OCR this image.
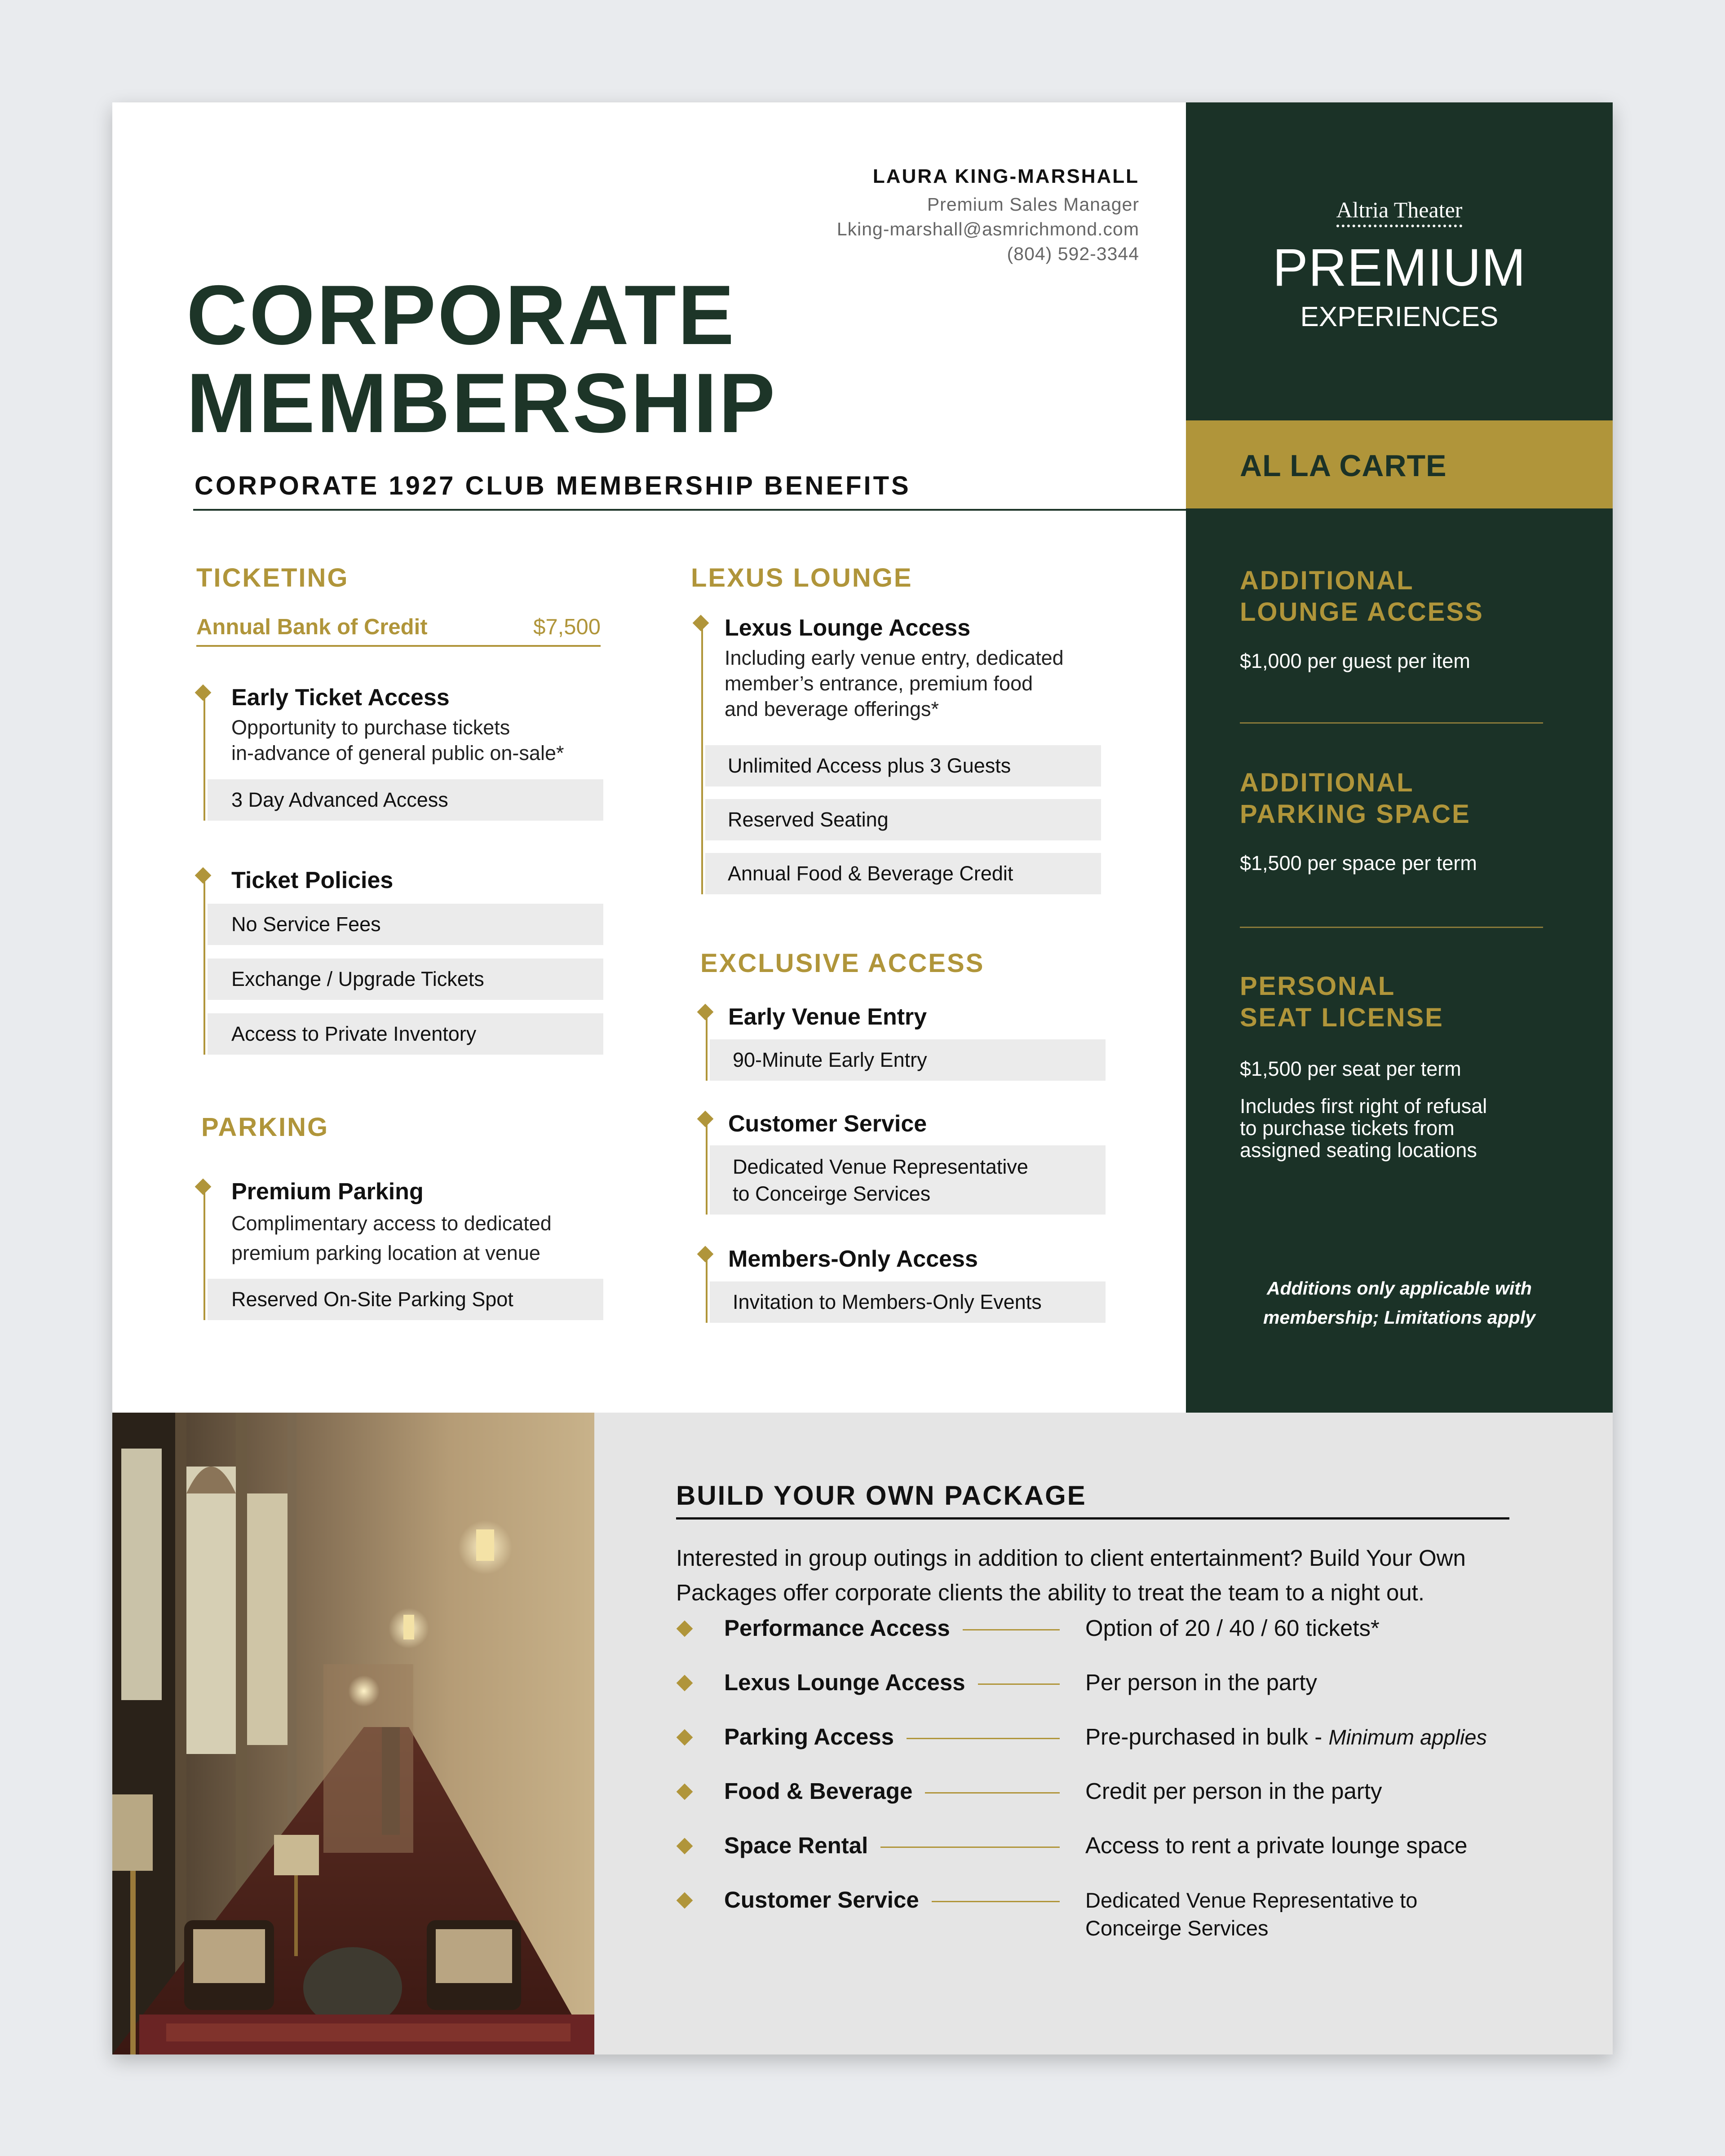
LAURA KING-MARSHALL
Premium Sales Manager
Lking-marshall@asmrichmond.com
(804) 592-3344
CORPORATE
MEMBERSHIP
CORPORATE 1927 CLUB MEMBERSHIP BENEFITS
TICKETING
Annual Bank of Credit	$7,500
Early Ticket Access
Opportunity to purchase tickets
in-advance of general public on-sale*
3 Day Advanced Access
Ticket Policies
No Service Fees
Exchange / Upgrade Tickets
Access to Private Inventory
PARKING
Premium Parking
Complimentary access to dedicated
premium parking location at venue
Reserved On-Site Parking Spot
LEXUS LOUNGE
Lexus Lounge Access
Including early venue entry, dedicated
member’s entrance, premium food
and beverage offerings*
Unlimited Access plus 3 Guests
Reserved Seating
Annual Food & Beverage Credit
EXCLUSIVE ACCESS
Early Venue Entry
90-Minute Early Entry
Customer Service
Dedicated Venue Representative
to Conceirge Services
Members-Only Access
Invitation to Members-Only Events
Altria Theater
PREMIUM
EXPERIENCES
AL LA CARTE
ADDITIONAL
LOUNGE ACCESS
$1,000 per guest per item
ADDITIONAL
PARKING SPACE
$1,500 per space per term
PERSONAL
SEAT LICENSE
$1,500 per seat per term
Includes first right of refusal
to purchase tickets from
assigned seating locations
Additions only applicable with
membership; Limitations apply
BUILD YOUR OWN PACKAGE
Interested in group outings in addition to client entertainment? Build Your Own
Packages offer corporate clients the ability to treat the team to a night out.
Performance Access	Option of 20 / 40 / 60 tickets*
Lexus Lounge Access	Per person in the party
Parking Access	Pre-purchased in bulk - Minimum applies
Food & Beverage	Credit per person in the party
Space Rental	Access to rent a private lounge space
Customer Service	Dedicated Venue Representative to
Conceirge Services
